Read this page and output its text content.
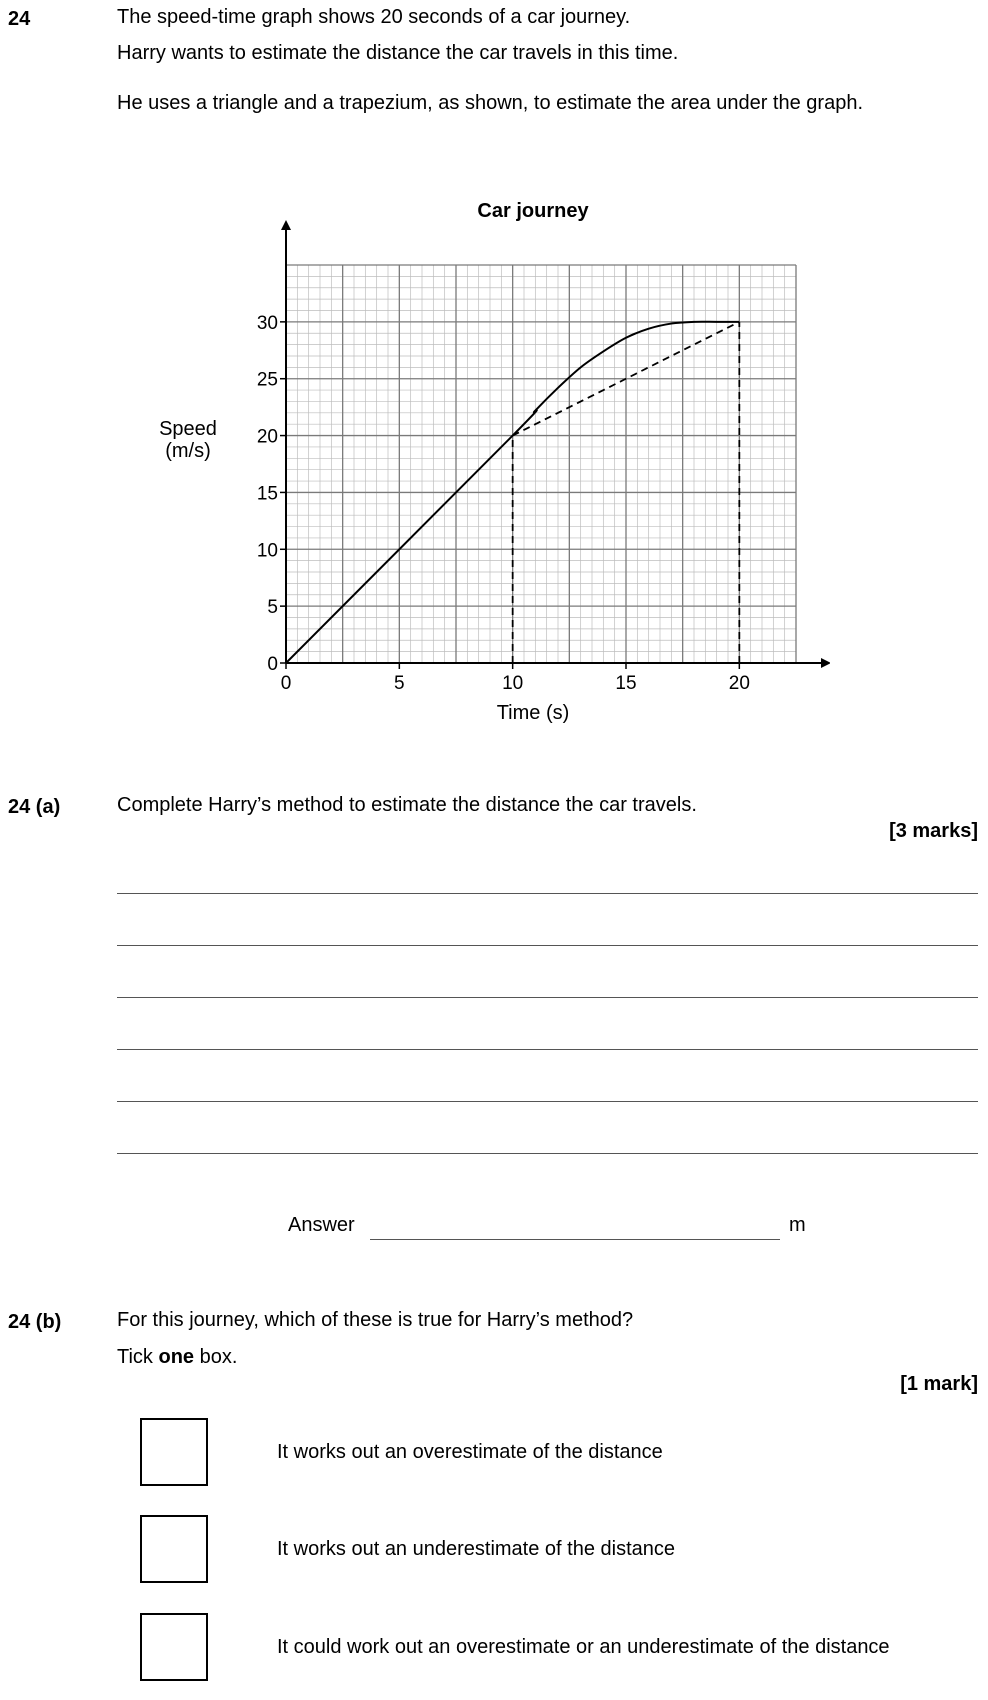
24	The speed-time graph shows 20 seconds of a car journey.
Harry wants to estimate the distance the car travels in this time.
He uses a triangle and a trapezium, as shown, to estimate the area under the graph.
Car journey
0	5	10	15	20
0
5
10
15
20
25
30
Time (s)
Speed
(m/s)
24 (a)	Complete Harry’s method to estimate the distance the car travels.
[3 marks]
Answer	m
24 (b)	For this journey, which of these is true for Harry’s method?
Tick one box.
[1 mark]
It works out an overestimate of the distance
It works out an underestimate of the distance
It could work out an overestimate or an underestimate of the distance
